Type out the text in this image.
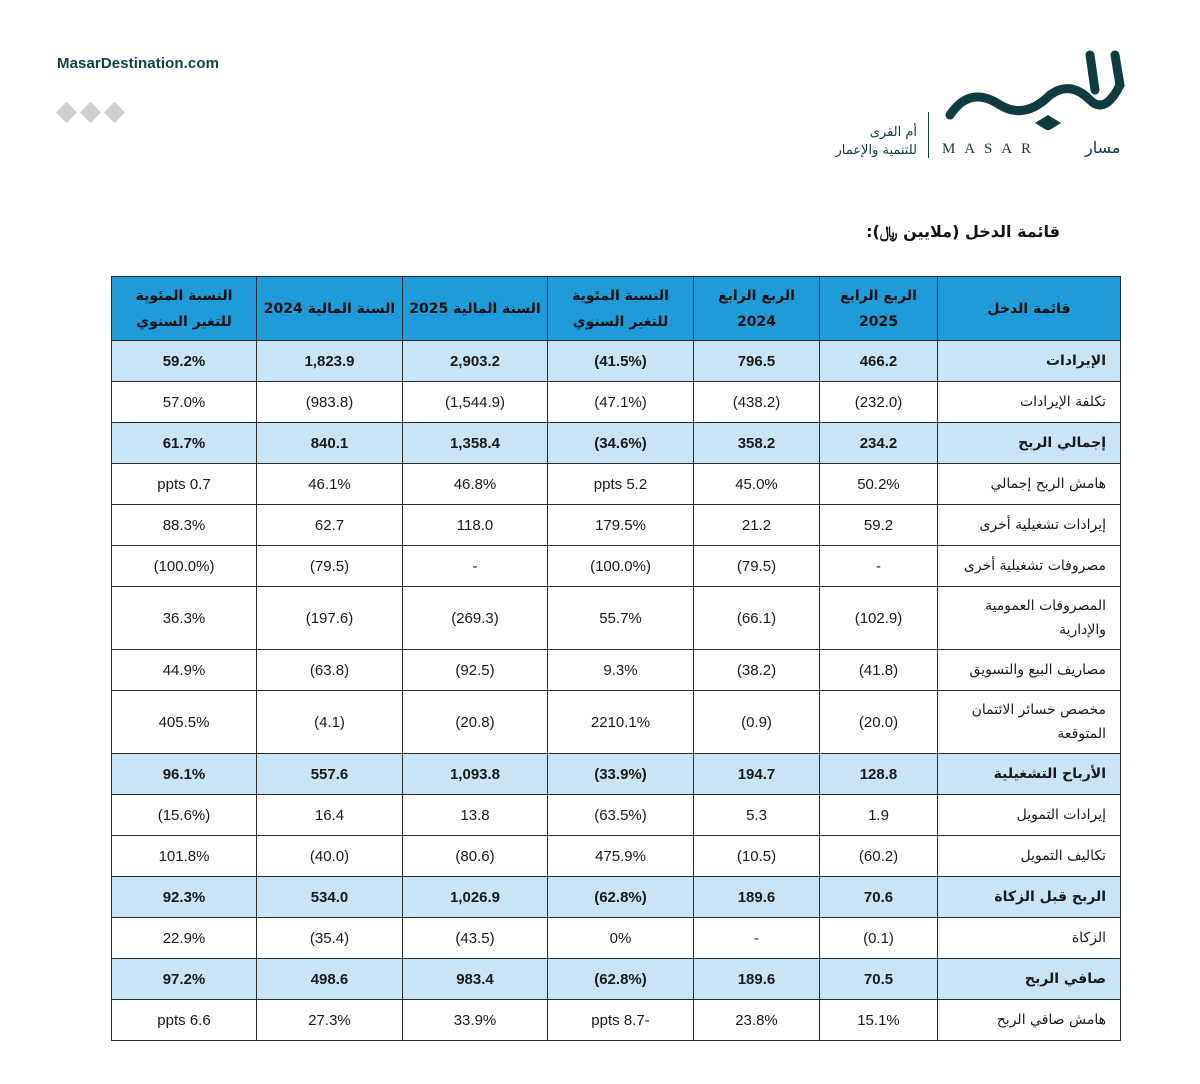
MasarDestination.com
M A S A R	مسار
أم القرى
للتنمية والإعمار
قائمة الدخل (ملايين ﷼):
قائمة الدخل	الربع الرابع 2025	الربع الرابع 2024	النسبة المئوية للتغير السنوي	السنة المالية 2025	السنة المالية 2024	النسبة المئوية للتغير السنوي
الإيرادات	466.2	796.5	(41.5%)	2,903.2	1,823.9	59.2%
تكلفة الإيرادات	(232.0)	(438.2)	(47.1%)	(1,544.9)	(983.8)	57.0%
إجمالي الربح	234.2	358.2	(34.6%)	1,358.4	840.1	61.7%
هامش الربح إجمالي	50.2%	45.0%	5.2 ppts	46.8%	46.1%	0.7 ppts
إيرادات تشغيلية أخرى	59.2	21.2	179.5%	118.0	62.7	88.3%
مصروفات تشغيلية أخرى	-	(79.5)	(100.0%)	-	(79.5)	(100.0%)
المصروفات العمومية والإدارية	(102.9)	(66.1)	55.7%	(269.3)	(197.6)	36.3%
مصاريف البيع والتسويق	(41.8)	(38.2)	9.3%	(92.5)	(63.8)	44.9%
مخصص خسائر الائتمان المتوقعة	(20.0)	(0.9)	2210.1%	(20.8)	(4.1)	405.5%
الأرباح التشغيلية	128.8	194.7	(33.9%)	1,093.8	557.6	96.1%
إيرادات التمويل	1.9	5.3	(63.5%)	13.8	16.4	(15.6%)
تكاليف التمويل	(60.2)	(10.5)	475.9%	(80.6)	(40.0)	101.8%
الربح قبل الزكاة	70.6	189.6	(62.8%)	1,026.9	534.0	92.3%
الزكاة	(0.1)	-	0%	(43.5)	(35.4)	22.9%
صافي الربح	70.5	189.6	(62.8%)	983.4	498.6	97.2%
هامش صافي الربح	15.1%	23.8%	-8.7 ppts	33.9%	27.3%	6.6 ppts
